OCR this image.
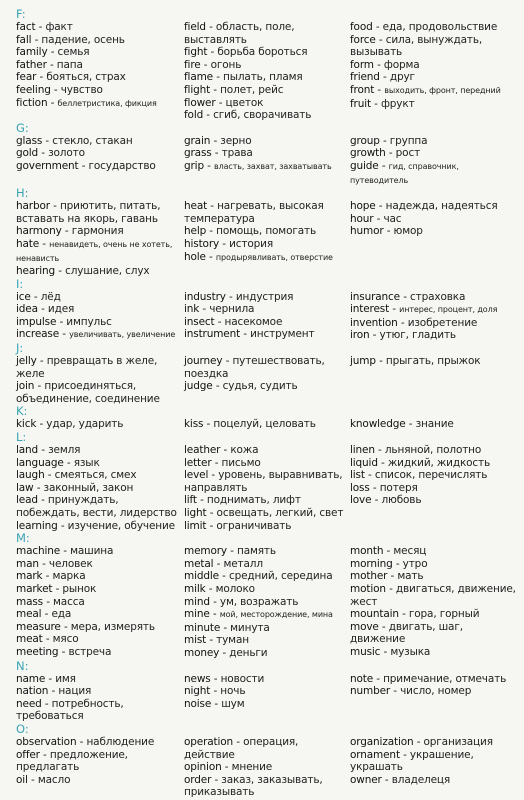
F:
fact - факт
fall - падение, осень
family - семья
father - папа
fear - бояться, страх
feeling - чувство
fiction - беллетристика, фикция
field - область, поле, выставлять
fight - борьба бороться
fire - огонь
flame - пылать, пламя
flight - полет, рейс
flower - цветок
fold - сгиб, сворачивать
food - еда, продовольствие
force - сила, вынуждать, вызывать
form - форма
friend - друг
front - выходить, фронт, передний
fruit - фрукт
G:
glass - стекло, стакан
gold - золото
government - государство
grain - зерно
grass - трава
grip - власть, захват, захватывать
group - группа
growth - рост
guide - гид, справочник, путеводитель
H:
harbor - приютить, питать, вставать на якорь, гавань
harmony - гармония
hate - ненавидеть, очень не хотеть, ненависть
hearing - слушание, слух
heat - нагревать, высокая температура
help - помощь, помогать
history - история
hole - продырявливать, отверстие
hope - надежда, надеяться
hour - час
humor - юмор
I:
ice - лёд
idea - идея
impulse - импульс
increase - увеличивать, увеличение
industry - индустрия
ink - чернила
insect - насекомое
instrument - инструмент
insurance - страховка
interest - интерес, процент, доля
invention - изобретение
iron - утюг, гладить
J:
jelly - превращать в желе, желе
join - присоединяться, объединение, соединение
journey - путешествовать, поездка
judge - судья, судить
jump - прыгать, прыжок
K:
kick - удар, ударить	kiss - поцелуй, целовать	knowledge - знание
L:
land - земля
language - язык
laugh - смеяться, смех
law - законный, закон
lead - принуждать, побеждать, вести, лидерство
learning - изучение, обучение
leather - кожа
letter - письмо
level - уровень, выравнивать, направлять
lift - поднимать, лифт
light - освещать, легкий, свет
limit - ограничивать
linen - льняной, полотно
liquid - жидкий, жидкость
list - список, перечислять
loss - потеря
love - любовь
M:
machine - машина
man - человек
mark - марка
market - рынок
mass - масса
meal - еда
measure - мера, измерять
meat - мясо
meeting - встреча
memory - память
metal - металл
middle - средний, середина
milk - молоко
mind - ум, возражать
mine - мой, месторождение, мина
minute - минута
mist - туман
money - деньги
month - месяц
morning - утро
mother - мать
motion - двигаться, движение, жест
mountain - гора, горный
move - двигать, шаг, движение
music - музыка
N:
name - имя
nation - нация
need - потребность, требоваться
news - новости
night - ночь
noise - шум
note - примечание, отмечать
number - число, номер
O:
observation - наблюдение
offer - предложение, предлагать
oil - масло
operation - операция, действие
opinion - мнение
order - заказ, заказывать, приказывать
organization - организация
ornament - украшение, украшать
owner - владелеця
